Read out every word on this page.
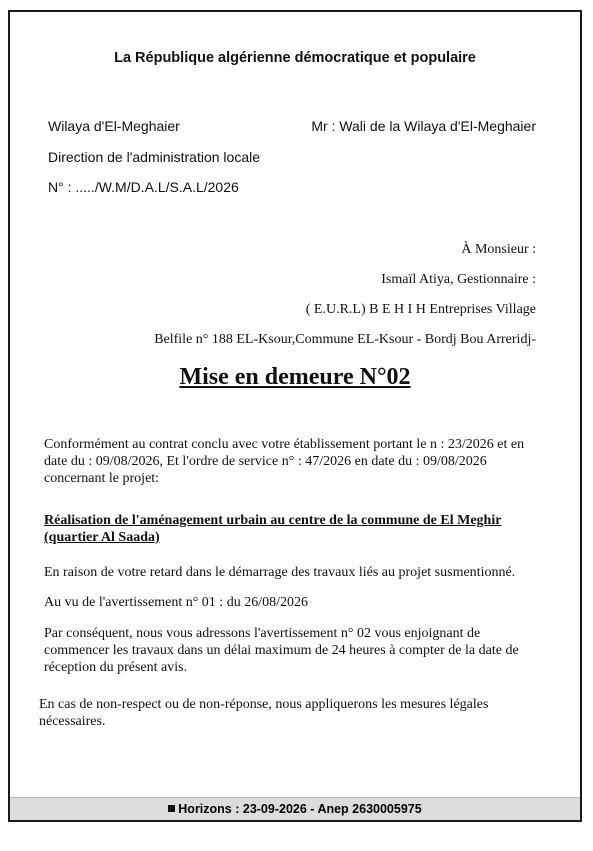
La République algérienne démocratique et populaire
Wilaya d'El-Meghaier
Direction de l'administration locale
N° : ...../W.M/D.A.L/S.A.L/2026
Mr : Wali de la Wilaya d'El-Meghaier
À Monsieur :
Ismaïl Atiya, Gestionnaire :
( E.U.R.L) B E H I H Entreprises Village
Belfile n° 188 EL-Ksour,Commune EL-Ksour - Bordj Bou Arreridj-
Mise en demeure N°02
Conformément au contrat conclu avec votre établissement portant le n : 23/2026 et en date du : 09/08/2026, Et l'ordre de service n° : 47/2026 en date du : 09/08/2026 concernant le projet:
Réalisation de l'aménagement urbain au centre de la commune de El Meghir (quartier Al Saada)
En raison de votre retard dans le démarrage des travaux liés au projet susmentionné.
Au vu de l'avertissement n° 01 : du 26/08/2026
Par conséquent, nous vous adressons l'avertissement n° 02 vous enjoignant de commencer les travaux dans un délai maximum de 24 heures à compter de la date de réception du présent avis.
En cas de non-respect ou de non-réponse, nous appliquerons les mesures légales nécessaires.
Horizons : 23-09-2026 - Anep 2630005975
